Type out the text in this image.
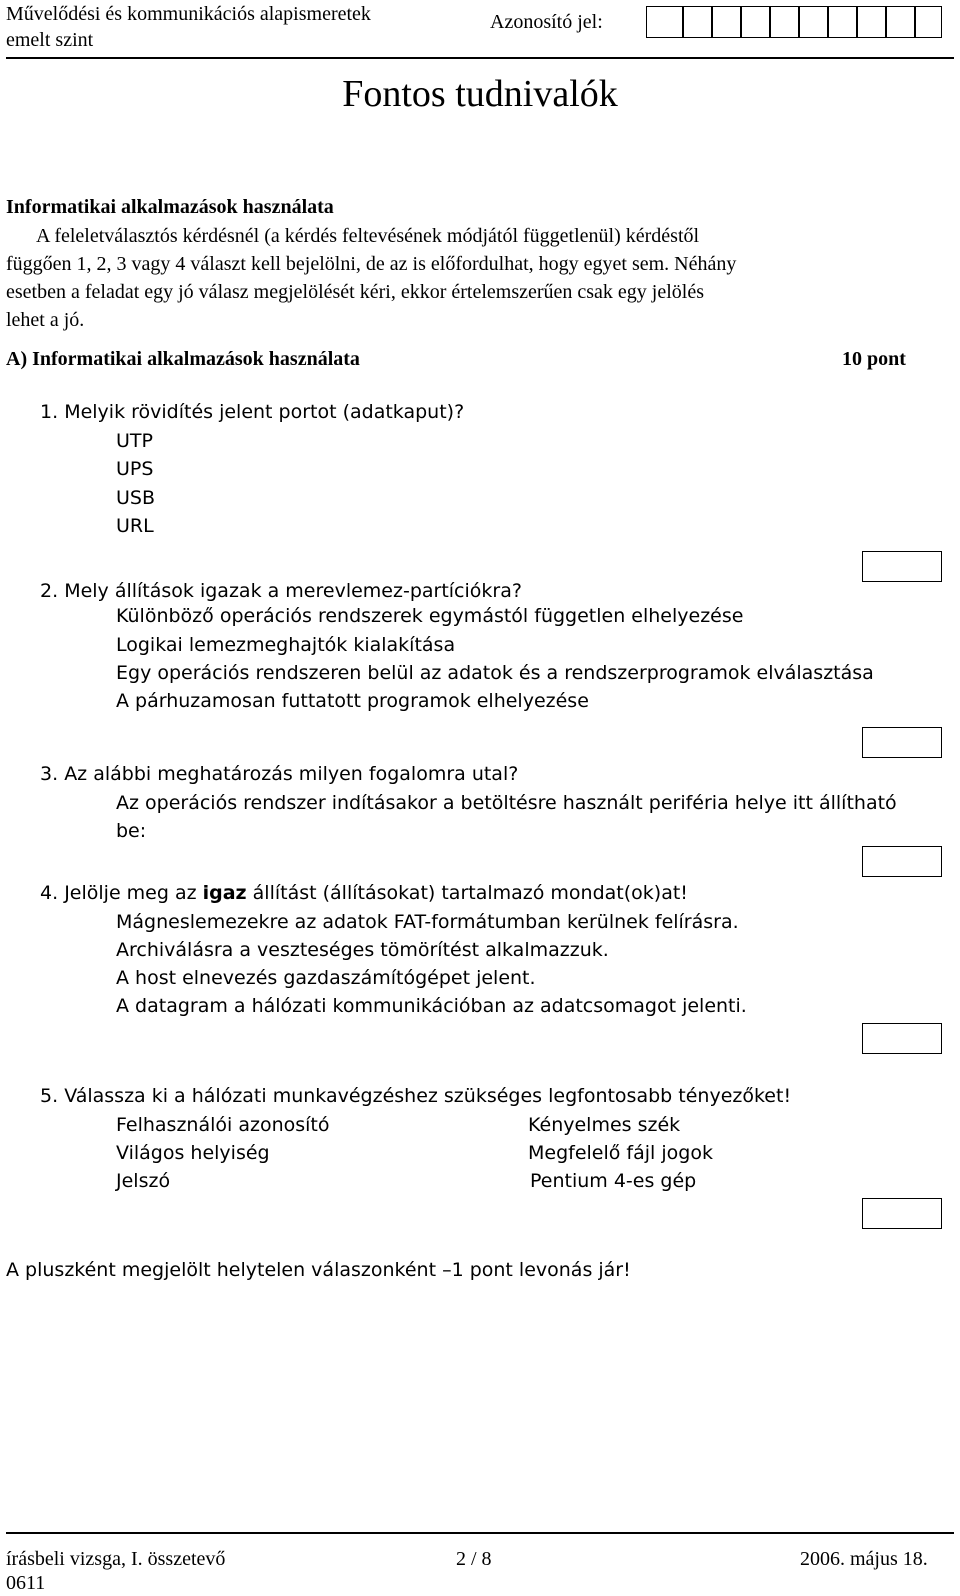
Művelődési és kommunikációs alapismeretek
emelt szint
Azonosító jel:
Fontos tudnivalók
Informatikai alkalmazások használata
A feleletválasztós kérdésnél (a kérdés feltevésének módjától függetlenül) kérdéstől
függően 1, 2, 3 vagy 4 választ kell bejelölni, de az is előfordulhat, hogy egyet sem. Néhány
esetben a feladat egy jó válasz megjelölését kéri, ekkor értelemszerűen csak egy jelölés
lehet a jó.
A) Informatikai alkalmazások használata	10 pont
1. Melyik rövidítés jelent portot (adatkaput)?
UTP
UPS
USB
URL
2. Mely állítások igazak a merevlemez-partíciókra?
Különböző operációs rendszerek egymástól független elhelyezése
Logikai lemezmeghajtók kialakítása
Egy operációs rendszeren belül az adatok és a rendszerprogramok elválasztása
A párhuzamosan futtatott programok elhelyezése
3. Az alábbi meghatározás milyen fogalomra utal?
Az operációs rendszer indításakor a betöltésre használt periféria helye itt állítható
be:
4. Jelölje meg az igaz állítást (állításokat) tartalmazó mondat(ok)at!
Mágneslemezekre az adatok FAT-formátumban kerülnek felírásra.
Archiválásra a veszteséges tömörítést alkalmazzuk.
A host elnevezés gazdaszámítógépet jelent.
A datagram a hálózati kommunikációban az adatcsomagot jelenti.
5. Válassza ki a hálózati munkavégzéshez szükséges legfontosabb tényezőket!
Felhasználói azonosító
Világos helyiség
Jelszó
Kényelmes szék
Megfelelő fájl jogok
Pentium 4-es gép
A pluszként megjelölt helytelen válaszonként –1 pont levonás jár!
írásbeli vizsga, I. összetevő
0611
2 / 8	2006. május 18.
